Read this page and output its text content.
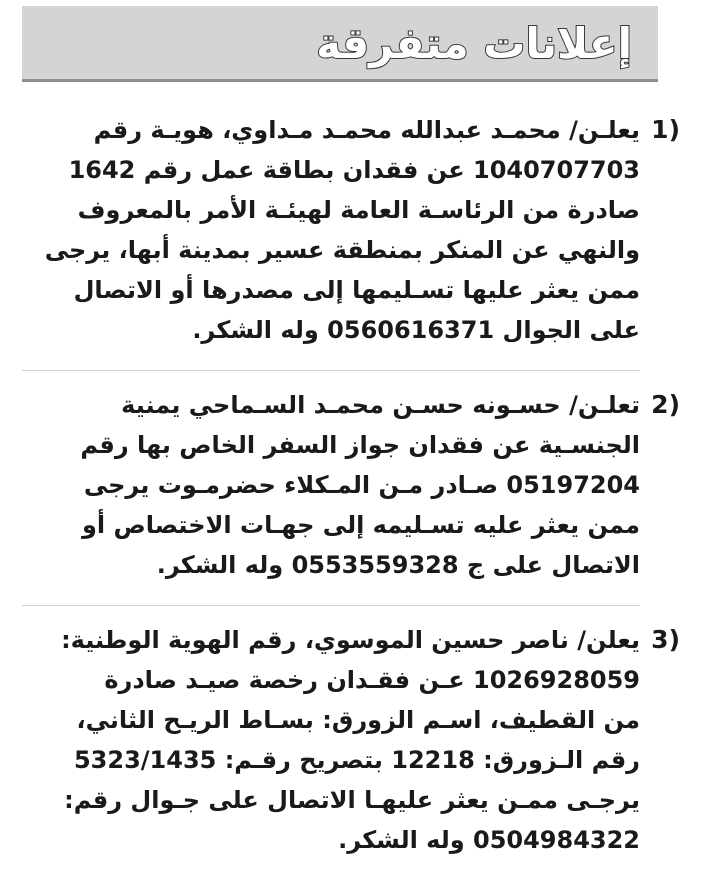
إعلانات متفرقة
1)
يعلـن/ محمـد عبدالله محمـد مـداوي، هويـة رقم
1040707703 عن فقدان بطاقة عمل رقم 1642
صادرة من الرئاسـة العامة لهيئـة الأمر بالمعروف
والنهي عن المنكر بمنطقة عسير بمدينة أبها، يرجى
ممن يعثر عليها تسـليمها إلى مصدرها أو الاتصال
على الجوال 0560616371 وله الشكر.
2)
تعلـن/ حسـونه حسـن محمـد السـماحي يمنية
الجنسـية عن فقدان جواز السفر الخاص بها رقم
05197204 صـادر مـن المـكلاء حضرمـوت يرجى
ممن يعثر عليه تسـليمه إلى جهـات الاختصاص أو
الاتصال على ج 0553559328 وله الشكر.
3)
يعلن/ ناصر حسين الموسوي، رقم الهوية الوطنية:
1026928059 عـن فقـدان رخصة صيـد صادرة
من القطيف، اسـم الزورق: بسـاط الريـح الثاني،
رقم الـزورق: 12218 بتصريح رقـم: 5323/1435
يرجـى ممـن يعثر عليهـا الاتصال على جـوال رقم:
0504984322 وله الشكر.
